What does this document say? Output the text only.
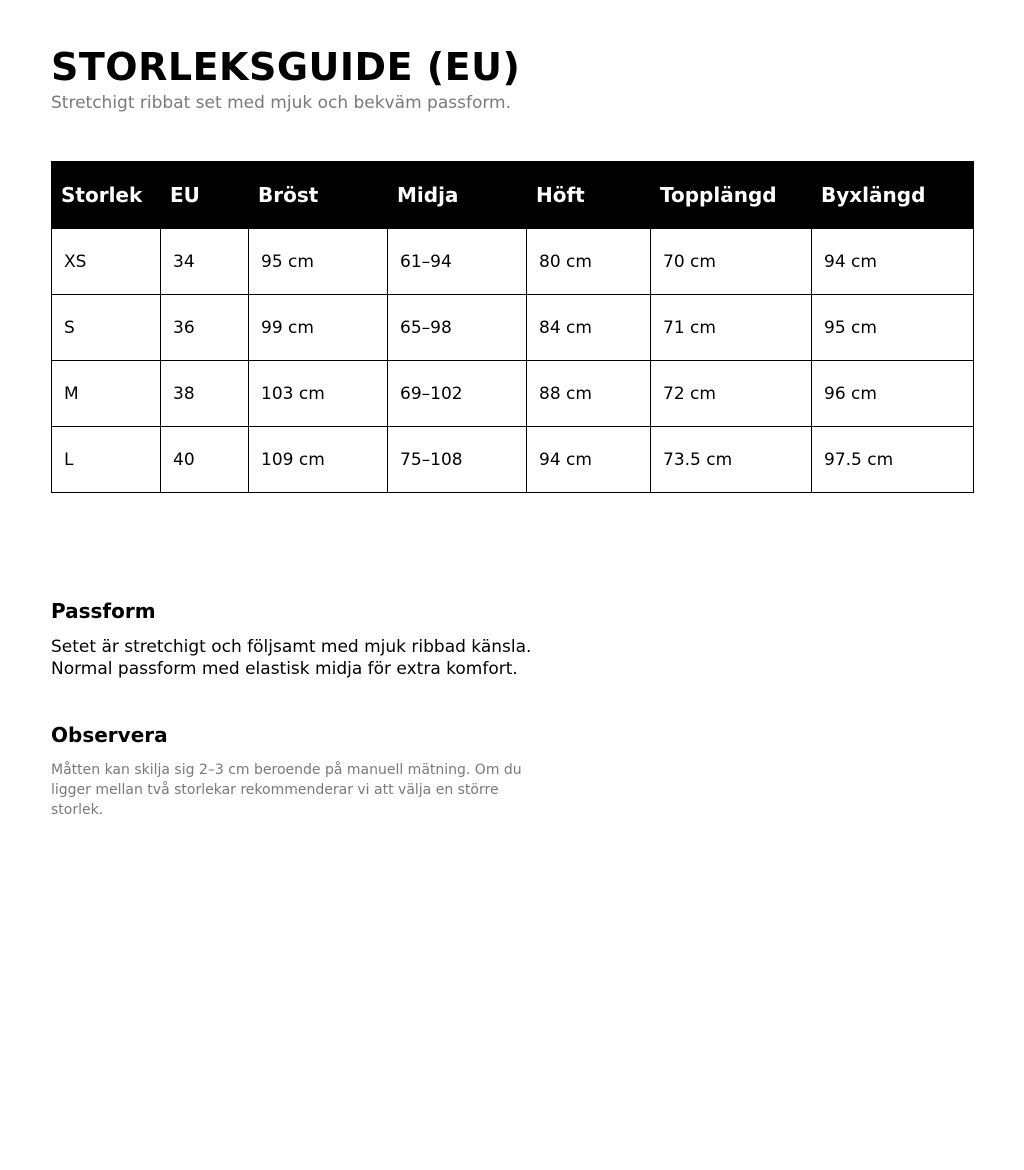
STORLEKSGUIDE (EU)

Stretchigt ribbat set med mjuk och bekväm passform.

Storlek	EU	Bröst	Midja	Höft	Topplängd	Byxlängd
XS	34	95 cm	61–94	80 cm	70 cm	94 cm
S	36	99 cm	65–98	84 cm	71 cm	95 cm
M	38	103 cm	69–102	88 cm	72 cm	96 cm
L	40	109 cm	75–108	94 cm	73.5 cm	97.5 cm
Passform

Setet är stretchigt och följsamt med mjuk ribbad känsla.
Normal passform med elastisk midja för extra komfort.

Observera

Måtten kan skilja sig 2–3 cm beroende på manuell mätning. Om du ligger mellan två storlekar rekommenderar vi att välja en större storlek.
